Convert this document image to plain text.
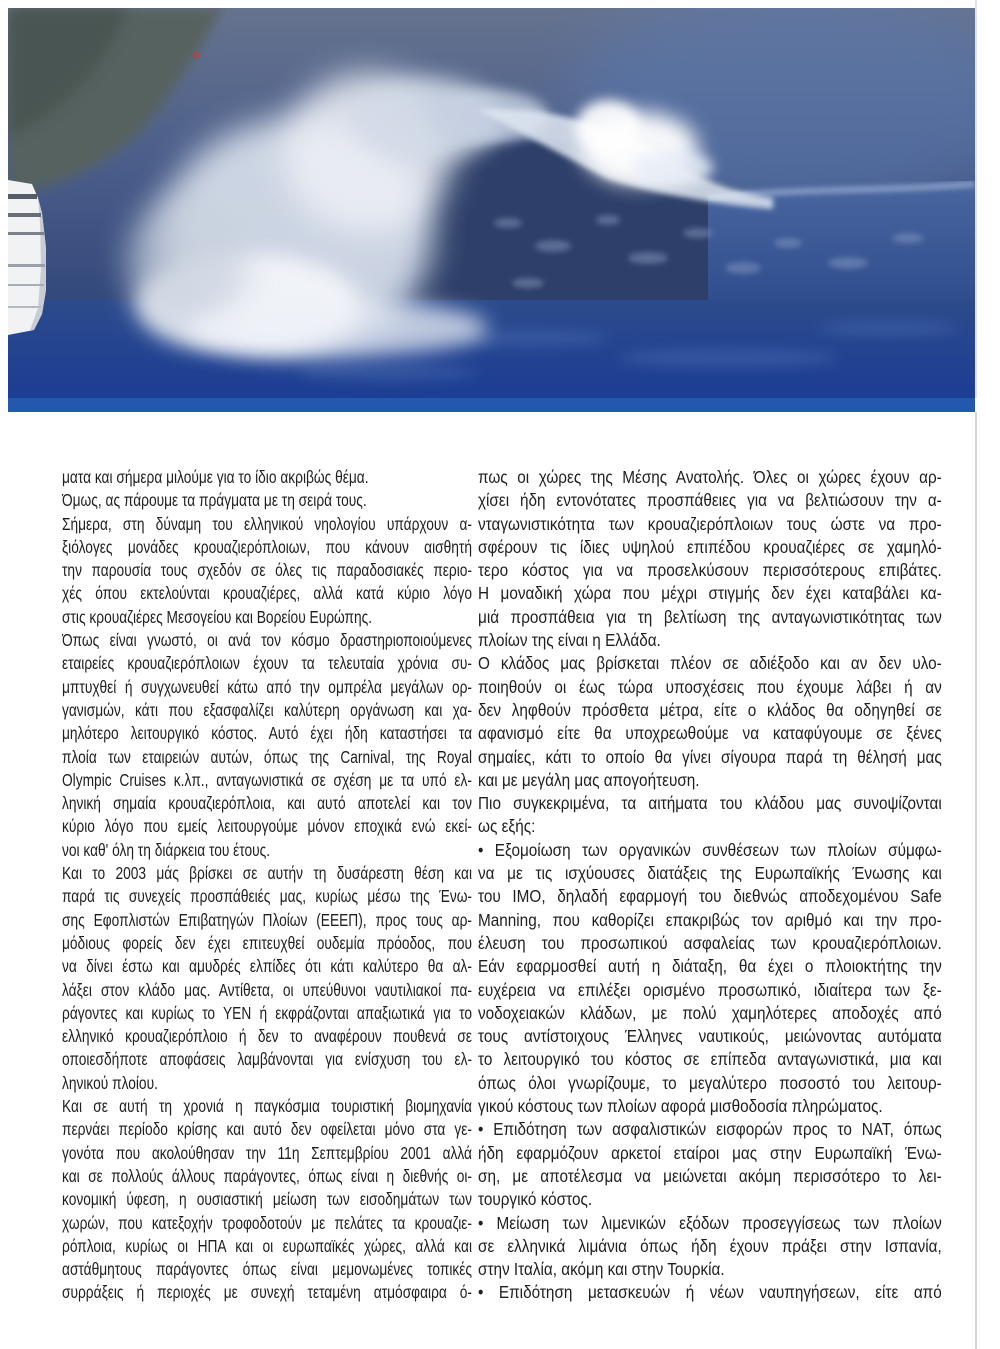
ματα και σήμερα μιλούμε για το ίδιο ακριβώς θέμα.
Όμως, ας πάρουμε τα πράγματα με τη σειρά τους.
Σήμερα, στη δύναμη του ελληνικού νηολογίου υπάρχουν α-
ξιόλογες μονάδες κρουαζιερόπλοιων, που κάνουν αισθητή
την παρουσία τους σχεδόν σε όλες τις παραδοσιακές περιο-
χές όπου εκτελούνται κρουαζιέρες, αλλά κατά κύριο λόγο
στις κρουαζιέρες Μεσογείου και Βορείου Ευρώπης.
Όπως είναι γνωστό, οι ανά τον κόσμο δραστηριοποιούμενες
εταιρείες κρουαζιερόπλοιων έχουν τα τελευταία χρόνια συ-
μπτυχθεί ή συγχωνευθεί κάτω από την ομπρέλα μεγάλων ορ-
γανισμών, κάτι που εξασφαλίζει καλύτερη οργάνωση και χα-
μηλότερο λειτουργικό κόστος. Αυτό έχει ήδη καταστήσει τα
πλοία των εταιρειών αυτών, όπως της Carnival, της Royal
Olympic Cruises κ.λπ., ανταγωνιστικά σε σχέση με τα υπό ελ-
ληνική σημαία κρουαζιερόπλοια, και αυτό αποτελεί και τον
κύριο λόγο που εμείς λειτουργούμε μόνον εποχικά ενώ εκεί-
νοι καθ' όλη τη διάρκεια του έτους.
Και το 2003 μάς βρίσκει σε αυτήν τη δυσάρεστη θέση και
παρά τις συνεχείς προσπάθειές μας, κυρίως μέσω της Ένω-
σης Εφοπλιστών Επιβατηγών Πλοίων (ΕΕΕΠ), προς τους αρ-
μόδιους φορείς δεν έχει επιτευχθεί ουδεμία πρόοδος, που
να δίνει έστω και αμυδρές ελπίδες ότι κάτι καλύτερο θα αλ-
λάξει στον κλάδο μας. Αντίθετα, οι υπεύθυνοι ναυτιλιακοί πα-
ράγοντες και κυρίως το ΥΕΝ ή εκφράζονται απαξιωτικά για το
ελληνικό κρουαζιερόπλοιο ή δεν το αναφέρουν πουθενά σε
οποιεσδήποτε αποφάσεις λαμβάνονται για ενίσχυση του ελ-
ληνικού πλοίου.
Και σε αυτή τη χρονιά η παγκόσμια τουριστική βιομηχανία
περνάει περίοδο κρίσης και αυτό δεν οφείλεται μόνο στα γε-
γονότα που ακολούθησαν την 11η Σεπτεμβρίου 2001 αλλά
και σε πολλούς άλλους παράγοντες, όπως είναι η διεθνής οι-
κονομική ύφεση, η ουσιαστική μείωση των εισοδημάτων των
χωρών, που κατεξοχήν τροφοδοτούν με πελάτες τα κρουαζιε-
ρόπλοια, κυρίως οι ΗΠΑ και οι ευρωπαϊκές χώρες, αλλά και
αστάθμητους παράγοντες όπως είναι μεμονωμένες τοπικές
συρράξεις ή περιοχές με συνεχή τεταμένη ατμόσφαιρα ό-
πως οι χώρες της Μέσης Ανατολής. Όλες οι χώρες έχουν αρ-
χίσει ήδη εντονότατες προσπάθειες για να βελτιώσουν την α-
νταγωνιστικότητα των κρουαζιερόπλοιων τους ώστε να προ-
σφέρουν τις ίδιες υψηλού επιπέδου κρουαζιέρες σε χαμηλό-
τερο κόστος για να προσελκύσουν περισσότερους επιβάτες.
Η μοναδική χώρα που μέχρι στιγμής δεν έχει καταβάλει κα-
μιά προσπάθεια για τη βελτίωση της ανταγωνιστικότητας των
πλοίων της είναι η Ελλάδα.
Ο κλάδος μας βρίσκεται πλέον σε αδιέξοδο και αν δεν υλο-
ποιηθούν οι έως τώρα υποσχέσεις που έχουμε λάβει ή αν
δεν ληφθούν πρόσθετα μέτρα, είτε ο κλάδος θα οδηγηθεί σε
αφανισμό είτε θα υποχρεωθούμε να καταφύγουμε σε ξένες
σημαίες, κάτι το οποίο θα γίνει σίγουρα παρά τη θέλησή μας
και με μεγάλη μας απογοήτευση.
Πιο συγκεκριμένα, τα αιτήματα του κλάδου μας συνοψίζονται
ως εξής:
• Εξομοίωση των οργανικών συνθέσεων των πλοίων σύμφω-
να με τις ισχύουσες διατάξεις της Ευρωπαϊκής Ένωσης και
του IMO, δηλαδή εφαρμογή του διεθνώς αποδεχομένου Safe
Manning, που καθορίζει επακριβώς τον αριθμό και την προ-
έλευση του προσωπικού ασφαλείας των κρουαζιερόπλοιων.
Εάν εφαρμοσθεί αυτή η διάταξη, θα έχει ο πλοιοκτήτης την
ευχέρεια να επιλέξει ορισμένο προσωπικό, ιδιαίτερα των ξε-
νοδοχειακών κλάδων, με πολύ χαμηλότερες αποδοχές από
τους αντίστοιχους Έλληνες ναυτικούς, μειώνοντας αυτόματα
το λειτουργικό του κόστος σε επίπεδα ανταγωνιστικά, μια και
όπως όλοι γνωρίζουμε, το μεγαλύτερο ποσοστό του λειτουρ-
γικού κόστους των πλοίων αφορά μισθοδοσία πληρώματος.
• Επιδότηση των ασφαλιστικών εισφορών προς το ΝΑΤ, όπως
ήδη εφαρμόζουν αρκετοί εταίροι μας στην Ευρωπαϊκή Ένω-
ση, με αποτέλεσμα να μειώνεται ακόμη περισσότερο το λει-
τουργικό κόστος.
• Μείωση των λιμενικών εξόδων προσεγγίσεως των πλοίων
σε ελληνικά λιμάνια όπως ήδη έχουν πράξει στην Ισπανία,
στην Ιταλία, ακόμη και στην Τουρκία.
• Επιδότηση μετασκευών ή νέων ναυπηγήσεων, είτε από
